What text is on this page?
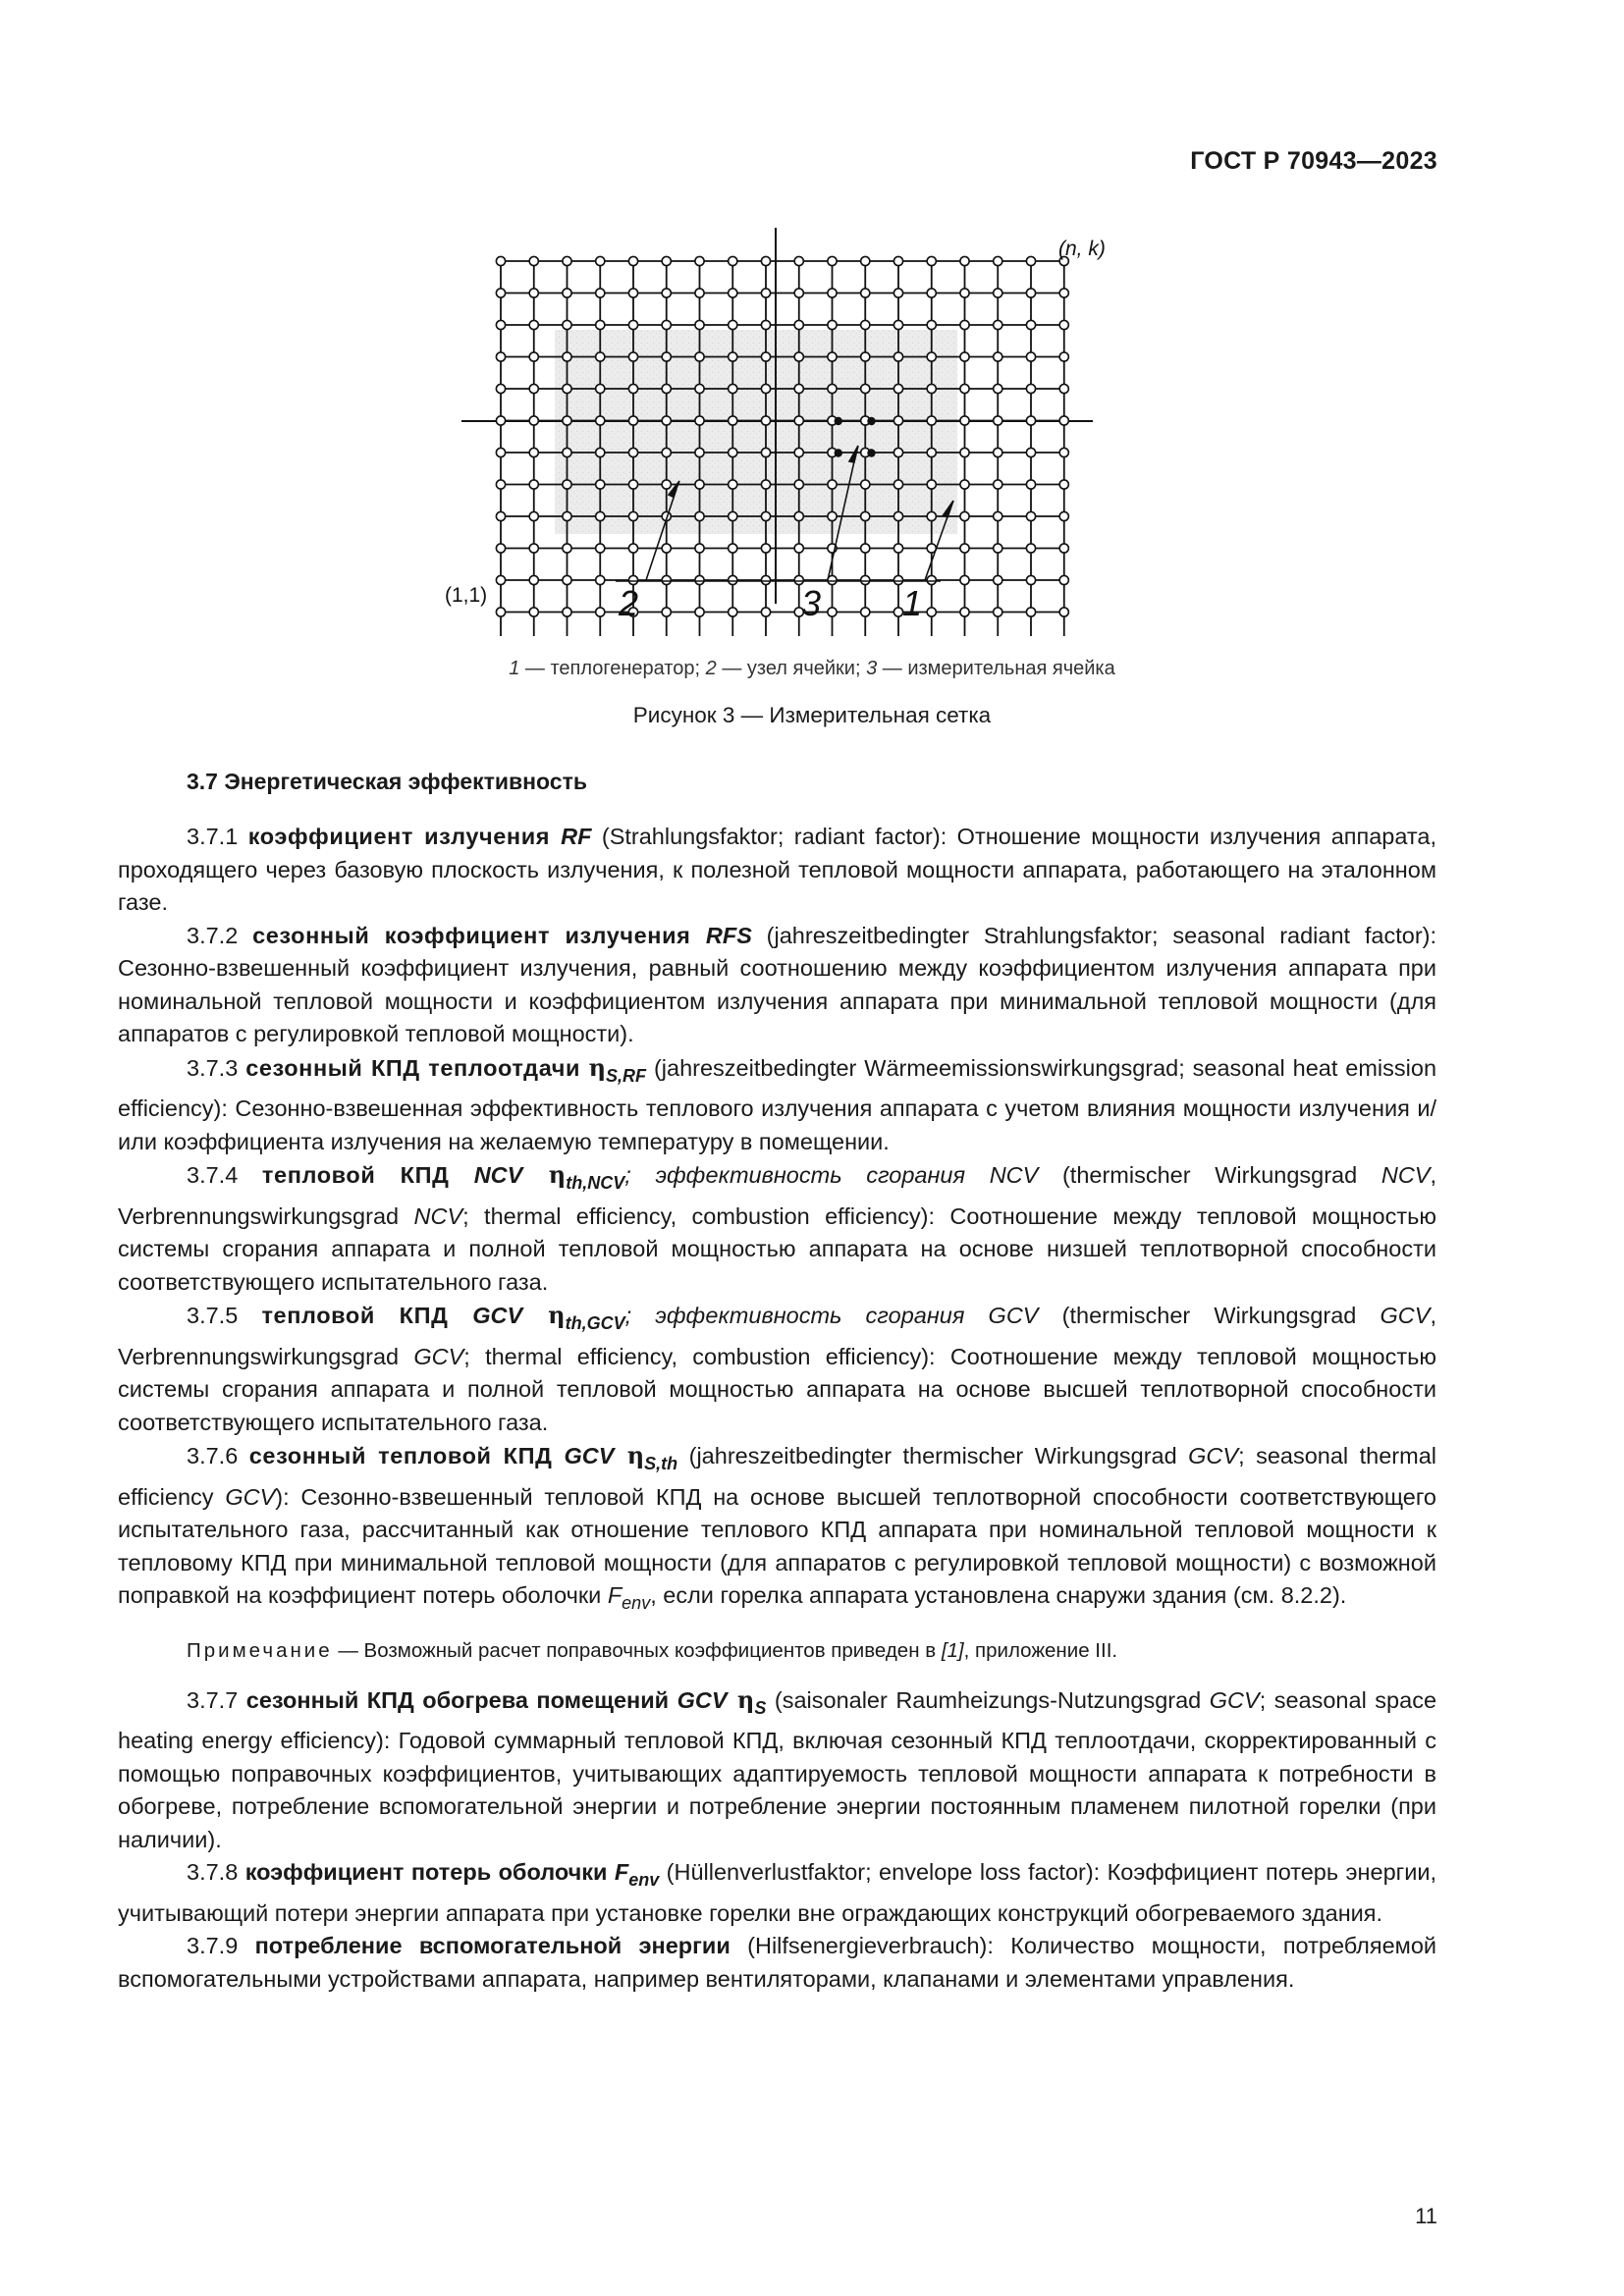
ГОСТ Р 70943—2023
2	3 1
(n, k)
(1,1)
1 — теплогенератор; 2 — узел ячейки; 3 — измерительная ячейка
Рисунок 3 — Измерительная сетка
3.7 Энергетическая эффективность

3.7.1 коэффициент излучения RF (Strahlungsfaktor; radiant factor): Отношение мощности излучения аппарата, проходящего через базовую плоскость излучения, к полезной тепловой мощности аппарата, работающего на эталонном газе.

3.7.2 сезонный коэффициент излучения RFS (jahreszeitbedingter Strahlungsfaktor; seasonal radiant factor): Сезонно-взвешенный коэффициент излучения, равный соотношению между коэффициентом излучения аппарата при номинальной тепловой мощности и коэффициентом излучения аппарата при минимальной тепловой мощности (для аппаратов с регулировкой тепловой мощности).

3.7.3 сезонный КПД теплоотдачи $\eta_{S,RF}$ (jahreszeitbedingter Wärmeemissionswirkungsgrad; seasonal heat emission efficiency): Сезонно-взвешенная эффективность теплового излучения аппарата с учетом влияния мощности излучения и/или коэффициента излучения на желаемую температуру в помещении.

3.7.4 тепловой КПД NCV $\eta_{th,NCV}$; эффективность сгорания NCV (thermischer Wirkungsgrad NCV, Verbrennungswirkungsgrad NCV; thermal efficiency, combustion efficiency): Соотношение между тепловой мощностью системы сгорания аппарата и полной тепловой мощностью аппарата на основе низшей теплотворной способности соответствующего испытательного газа.

3.7.5 тепловой КПД GCV $\eta_{th,GCV}$; эффективность сгорания GCV (thermischer Wirkungsgrad GCV, Verbrennungswirkungsgrad GCV; thermal efficiency, combustion efficiency): Соотношение между тепловой мощностью системы сгорания аппарата и полной тепловой мощностью аппарата на основе высшей теплотворной способности соответствующего испытательного газа.

3.7.6 сезонный тепловой КПД GCV $\eta_{S,th}$ (jahreszeitbedingter thermischer Wirkungsgrad GCV; seasonal thermal efficiency GCV): Сезонно-взвешенный тепловой КПД на основе высшей теплотворной способности соответствующего испытательного газа, рассчитанный как отношение теплового КПД аппарата при номинальной тепловой мощности к тепловому КПД при минимальной тепловой мощности (для аппаратов с регулировкой тепловой мощности) с возможной поправкой на коэффициент потерь оболочки $F_{env}$, если горелка аппарата установлена снаружи здания (см. 8.2.2).

Примечание — Возможный расчет поправочных коэффициентов приведен в [1], приложение III.

3.7.7 сезонный КПД обогрева помещений GCV $\eta_S$ (saisonaler Raumheizungs-Nutzungsgrad GCV; seasonal space heating energy efficiency): Годовой суммарный тепловой КПД, включая сезонный КПД теплоотдачи, скорректированный с помощью поправочных коэффициентов, учитывающих адаптируемость тепловой мощности аппарата к потребности в обогреве, потребление вспомогательной энергии и потребление энергии постоянным пламенем пилотной горелки (при наличии).

3.7.8 коэффициент потерь оболочки $F_{env}$ (Hüllenverlustfaktor; envelope loss factor): Коэффициент потерь энергии, учитывающий потери энергии аппарата при установке горелки вне ограждающих конструкций обогреваемого здания.

3.7.9 потребление вспомогательной энергии (Hilfsenergieverbrauch): Количество мощности, потребляемой вспомогательными устройствами аппарата, например вентиляторами, клапанами и элементами управления.

11
